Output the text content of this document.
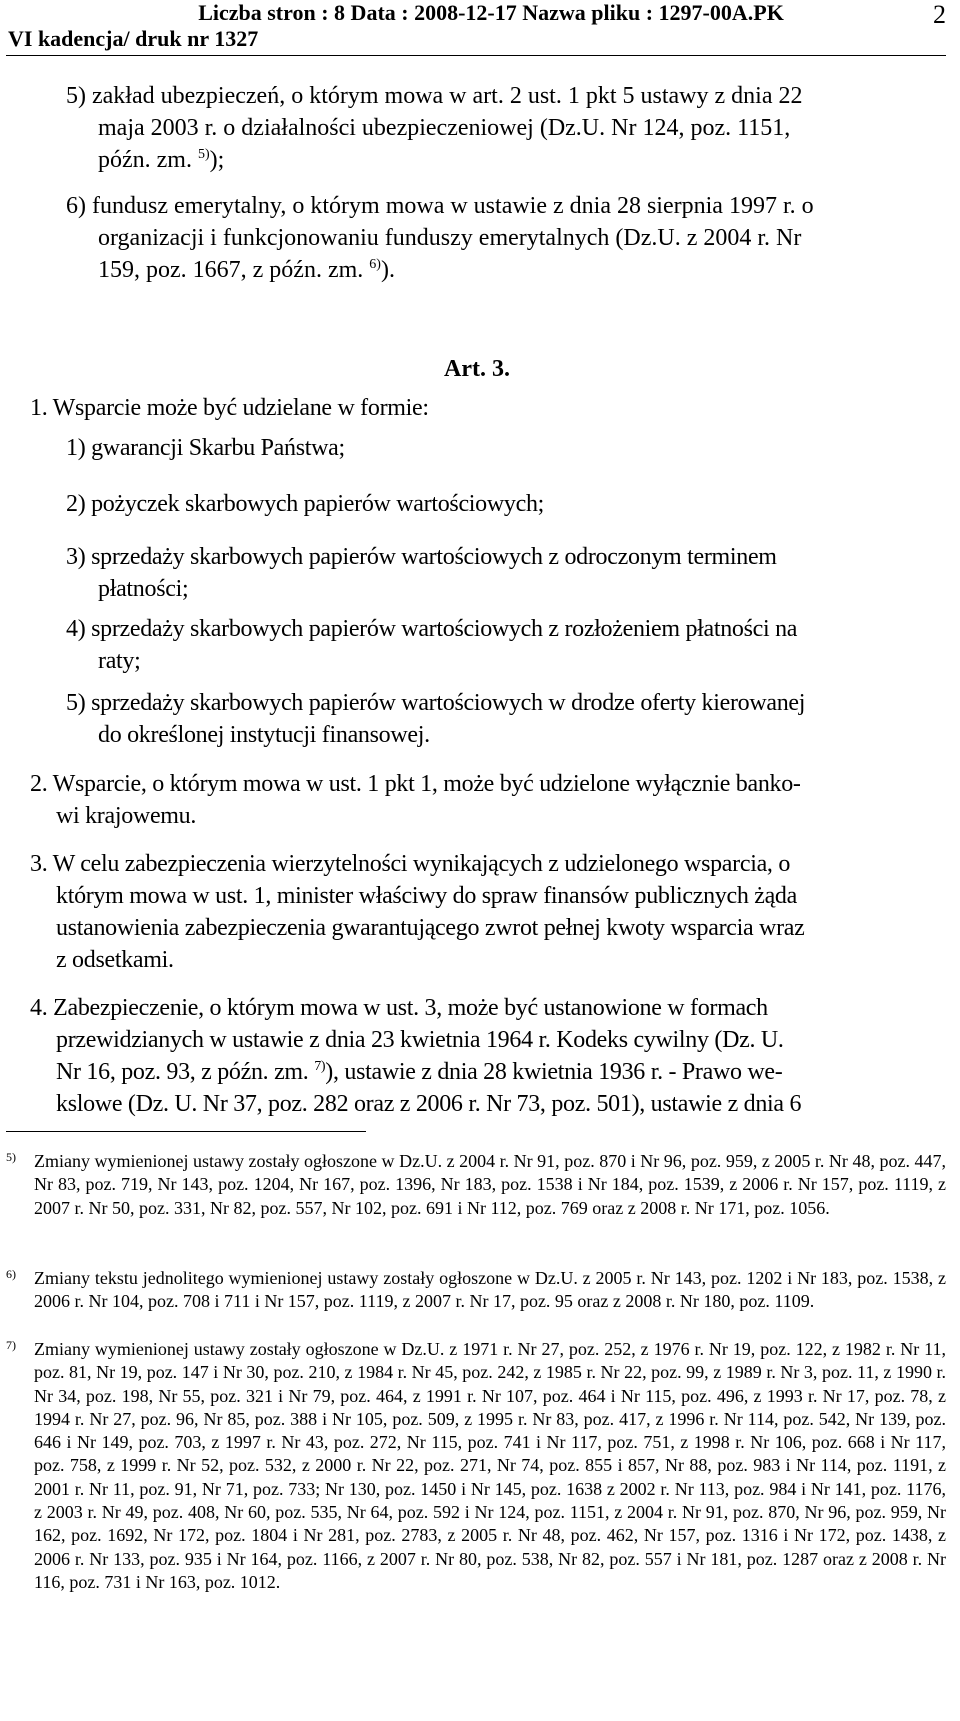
Liczba stron : 8 Data : 2008-12-17 Nazwa pliku : 1297-00A.PK
VI kadencja/ druk nr 1327
2
5) zakład ubezpieczeń, o którym mowa w art. 2 ust. 1 pkt 5 ustawy z dnia 22
maja 2003 r. o działalności ubezpieczeniowej (Dz.U. Nr 124, poz. 1151,
późn. zm. $^{5)}$);
6) fundusz emerytalny, o którym mowa w ustawie z dnia 28 sierpnia 1997 r. o
organizacji i funkcjonowaniu funduszy emerytalnych (Dz.U. z 2004 r. Nr
159, poz. 1667, z późn. zm. $^{6)}$).
Art. 3.
1. Wsparcie może być udzielane w formie:
1) gwarancji Skarbu Państwa;
2) pożyczek skarbowych papierów wartościowych;
3) sprzedaży skarbowych papierów wartościowych z odroczonym terminem
płatności;
4) sprzedaży skarbowych papierów wartościowych z rozłożeniem płatności na
raty;
5) sprzedaży skarbowych papierów wartościowych w drodze oferty kierowanej
do określonej instytucji finansowej.
2. Wsparcie, o którym mowa w ust. 1 pkt 1, może być udzielone wyłącznie banko-
wi krajowemu.
3. W celu zabezpieczenia wierzytelności wynikających z udzielonego wsparcia, o
którym mowa w ust. 1, minister właściwy do spraw finansów publicznych żąda
ustanowienia zabezpieczenia gwarantującego zwrot pełnej kwoty wsparcia wraz
z odsetkami.
4. Zabezpieczenie, o którym mowa w ust. 3, może być ustanowione w formach
przewidzianych w ustawie z dnia 23 kwietnia 1964 r. Kodeks cywilny (Dz. U.
Nr 16, poz. 93, z późn. zm. $^{7)}$), ustawie z dnia 28 kwietnia 1936 r. - Prawo we-
kslowe (Dz. U. Nr 37, poz. 282 oraz z 2006 r. Nr 73, poz. 501), ustawie z dnia 6
5) Zmiany wymienionej ustawy zostały ogłoszone w Dz.U. z 2004 r. Nr 91, poz. 870 i Nr 96, poz. 959, z 2005 r. Nr 48, poz. 447, Nr 83, poz. 719, Nr 143, poz. 1204, Nr 167, poz. 1396, Nr 183, poz. 1538 i Nr 184, poz. 1539, z 2006 r. Nr 157, poz. 1119, z 2007 r. Nr 50, poz. 331, Nr 82, poz. 557, Nr 102, poz. 691 i Nr 112, poz. 769 oraz z 2008 r. Nr 171, poz. 1056.
6) Zmiany tekstu jednolitego wymienionej ustawy zostały ogłoszone w Dz.U. z 2005 r. Nr 143, poz. 1202 i Nr 183, poz. 1538, z 2006 r. Nr 104, poz. 708 i 711 i Nr 157, poz. 1119, z 2007 r. Nr 17, poz. 95 oraz z 2008 r. Nr 180, poz. 1109.
7) Zmiany wymienionej ustawy zostały ogłoszone w Dz.U. z 1971 r. Nr 27, poz. 252, z 1976 r. Nr 19, poz. 122, z 1982 r. Nr 11, poz. 81, Nr 19, poz. 147 i Nr 30, poz. 210, z 1984 r. Nr 45, poz. 242, z 1985 r. Nr 22, poz. 99, z 1989 r. Nr 3, poz. 11, z 1990 r. Nr 34, poz. 198, Nr 55, poz. 321 i Nr 79, poz. 464, z 1991 r. Nr 107, poz. 464 i Nr 115, poz. 496, z 1993 r. Nr 17, poz. 78, z 1994 r. Nr 27, poz. 96, Nr 85, poz. 388 i Nr 105, poz. 509, z 1995 r. Nr 83, poz. 417, z 1996 r. Nr 114, poz. 542, Nr 139, poz. 646 i Nr 149, poz. 703, z 1997 r. Nr 43, poz. 272, Nr 115, poz. 741 i Nr 117, poz. 751, z 1998 r. Nr 106, poz. 668 i Nr 117, poz. 758, z 1999 r. Nr 52, poz. 532, z 2000 r. Nr 22, poz. 271, Nr 74, poz. 855 i 857, Nr 88, poz. 983 i Nr 114, poz. 1191, z 2001 r. Nr 11, poz. 91, Nr 71, poz. 733; Nr 130, poz. 1450 i Nr 145, poz. 1638 z 2002 r. Nr 113, poz. 984 i Nr 141, poz. 1176, z 2003 r. Nr 49, poz. 408, Nr 60, poz. 535, Nr 64, poz. 592 i Nr 124, poz. 1151, z 2004 r. Nr 91, poz. 870, Nr 96, poz. 959, Nr 162, poz. 1692, Nr 172, poz. 1804 i Nr 281, poz. 2783, z 2005 r. Nr 48, poz. 462, Nr 157, poz. 1316 i Nr 172, poz. 1438, z 2006 r. Nr 133, poz. 935 i Nr 164, poz. 1166, z 2007 r. Nr 80, poz. 538, Nr 82, poz. 557 i Nr 181, poz. 1287 oraz z 2008 r. Nr 116, poz. 731 i Nr 163, poz. 1012.
